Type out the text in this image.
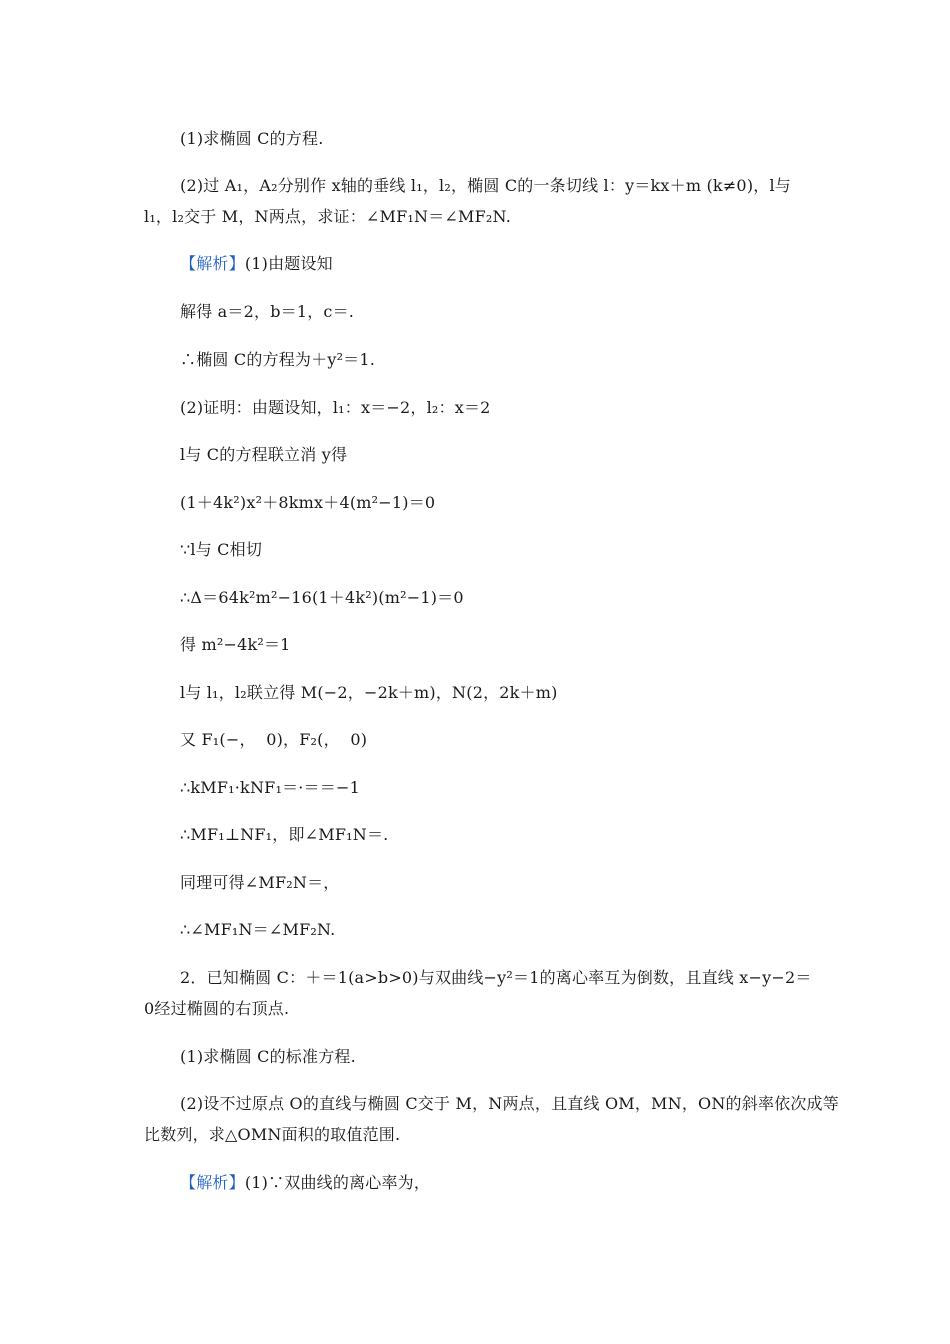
(1)求椭圆 C的方程.
(2)过 A₁，A₂分别作 x轴的垂线 l₁，l₂，椭圆 C的一条切线 l：y＝kx＋m (k≠0)，l与
l₁，l₂交于 M，N两点，求证：∠MF₁N＝∠MF₂N.
【解析】(1)由题设知
解得 a＝2，b＝1，c＝.
∴椭圆 C的方程为＋y²＝1.
(2)证明：由题设知，l₁：x＝−2，l₂：x＝2
l与 C的方程联立消 y得
(1＋4k²)x²＋8kmx＋4(m²−1)＝0
∵l与 C相切
∴Δ＝64k²m²−16(1＋4k²)(m²−1)＝0
得 m²−4k²＝1
l与 l₁，l₂联立得 M(−2，−2k＋m)，N(2，2k＋m)
又 F₁(−，  0)，F₂(，  0)
∴kMF₁·kNF₁＝·＝＝−1
∴MF₁⊥NF₁，即∠MF₁N＝.
同理可得∠MF₂N＝，
∴∠MF₁N＝∠MF₂N.
2．已知椭圆 C：＋＝1(a>b>0)与双曲线−y²＝1的离心率互为倒数，且直线 x−y−2＝
0经过椭圆的右顶点.
(1)求椭圆 C的标准方程.
(2)设不过原点 O的直线与椭圆 C交于 M，N两点，且直线 OM，MN，ON的斜率依次成等
比数列，求△OMN面积的取值范围.
【解析】(1)∵双曲线的离心率为，
